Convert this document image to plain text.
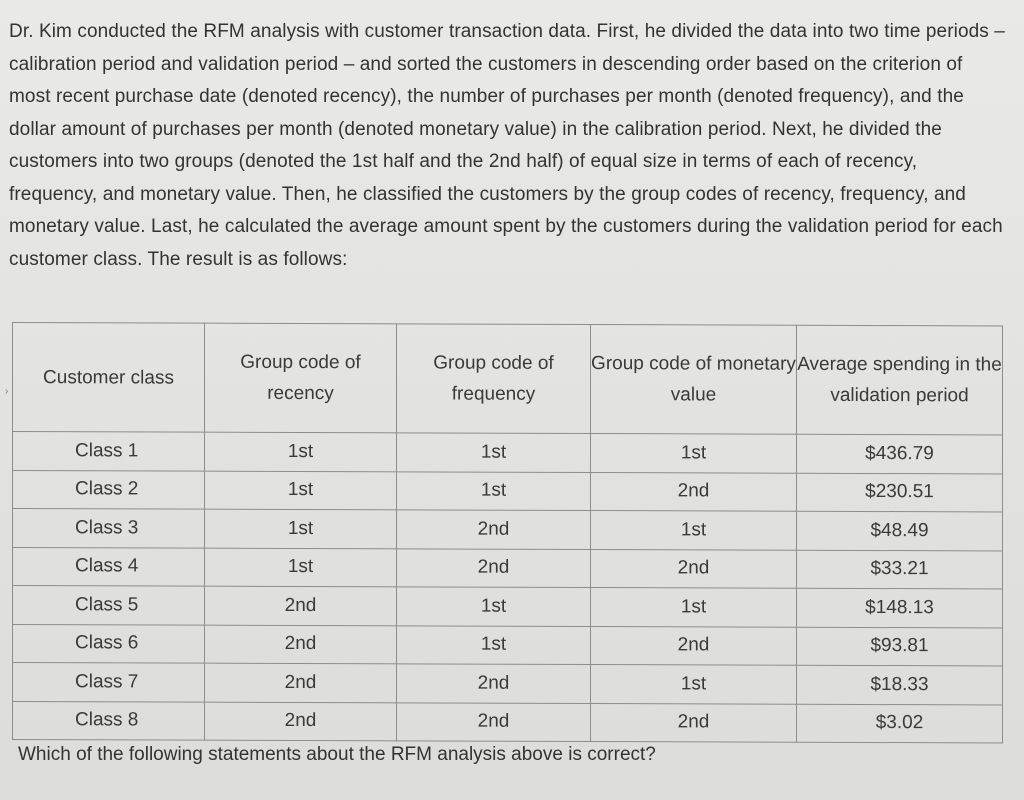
Dr. Kim conducted the RFM analysis with customer transaction data. First, he divided the data into two time periods – calibration period and validation period – and sorted the customers in descending order based on the criterion of most recent purchase date (denoted recency), the number of purchases per month (denoted frequency), and the dollar amount of purchases per month (denoted monetary value) in the calibration period. Next, he divided the customers into two groups (denoted the 1st half and the 2nd half) of equal size in terms of each of recency, frequency, and monetary value. Then, he classified the customers by the group codes of recency, frequency, and monetary value. Last, he calculated the average amount spent by the customers during the validation period for each customer class. The result is as follows:
›
Customer class	Group code of recency	Group code of frequency	Group code of monetary value	Average spending in the validation period
Class 1	1st	1st	1st	$436.79
Class 2	1st	1st	2nd	$230.51
Class 3	1st	2nd	1st	$48.49
Class 4	1st	2nd	2nd	$33.21
Class 5	2nd	1st	1st	$148.13
Class 6	2nd	1st	2nd	$93.81
Class 7	2nd	2nd	1st	$18.33
Class 8	2nd	2nd	2nd	$3.02
Which of the following statements about the RFM analysis above is correct?
